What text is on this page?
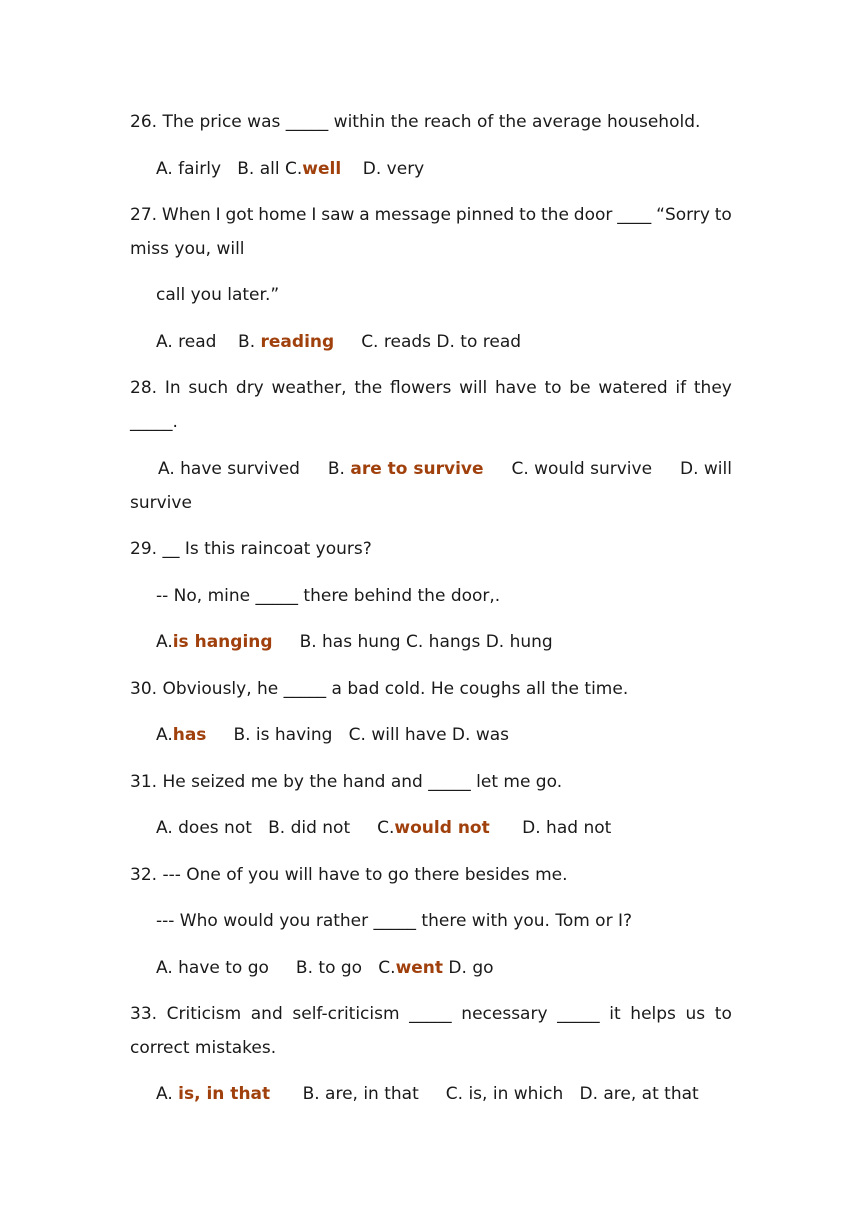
26. The price was _____ within the reach of the average household.
A. fairly   B. all C.well    D. very
27. When I got home I saw a message pinned to the door ____ “Sorry to
miss you, will
call you later.”
A. read    B. reading     C. reads D. to read
28. In such dry weather, the flowers will have to be watered if they
_____.
A. have survived B. are to survive C. would survive D. will
survive
29. __ Is this raincoat yours?
-- No, mine _____ there behind the door,.
A.is hanging     B. has hung C. hangs D. hung
30. Obviously, he _____ a bad cold. He coughs all the time.
A.has     B. is having   C. will have D. was
31. He seized me by the hand and _____ let me go.
A. does not   B. did not     C.would not      D. had not
32. --- One of you will have to go there besides me.
--- Who would you rather _____ there with you. Tom or I?
A. have to go     B. to go   C.went D. go
33. Criticism and self-criticism _____ necessary _____ it helps us to
correct mistakes.
A. is, in that      B. are, in that     C. is, in which   D. are, at that
